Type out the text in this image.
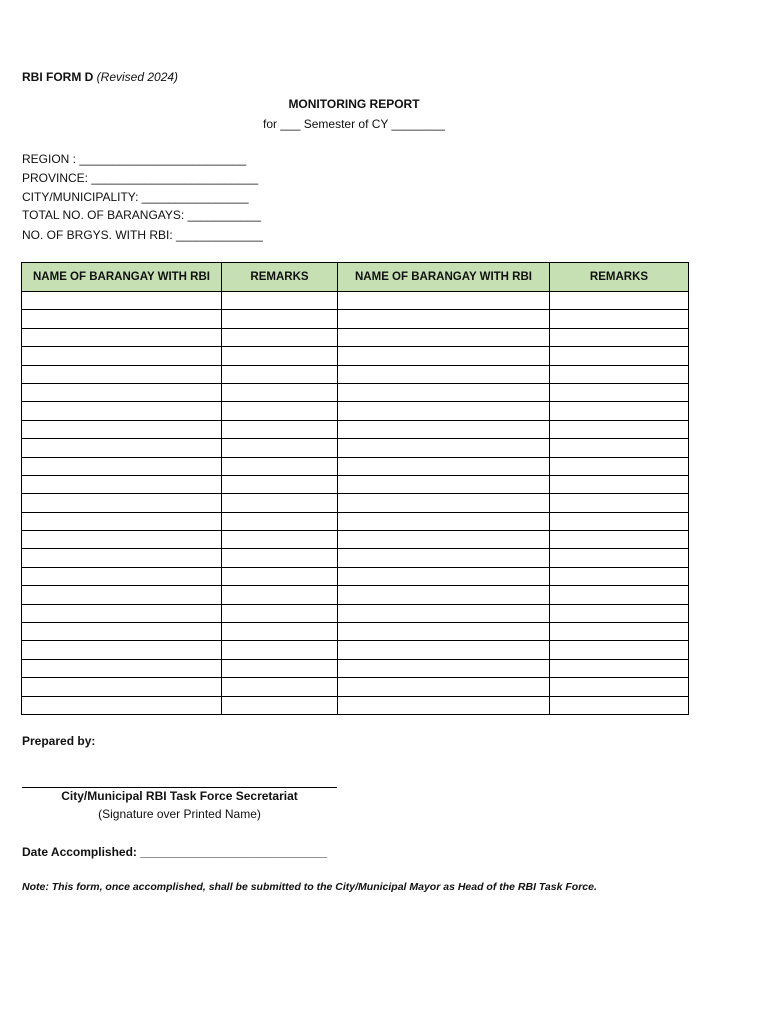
RBI FORM D (Revised 2024)
MONITORING REPORT
for ___ Semester of CY ________
REGION : _________________________
PROVINCE: _________________________
CITY/MUNICIPALITY: ________________
TOTAL NO. OF BARANGAYS: ___________
NO. OF BRGYS. WITH RBI: _____________
NAME OF BARANGAY WITH RBI	REMARKS	NAME OF BARANGAY WITH RBI	REMARKS

Prepared by:
City/Municipal RBI Task Force Secretariat
(Signature over Printed Name)
Date Accomplished: ____________________________
Note: This form, once accomplished, shall be submitted to the City/Municipal Mayor as Head of the RBI Task Force.
